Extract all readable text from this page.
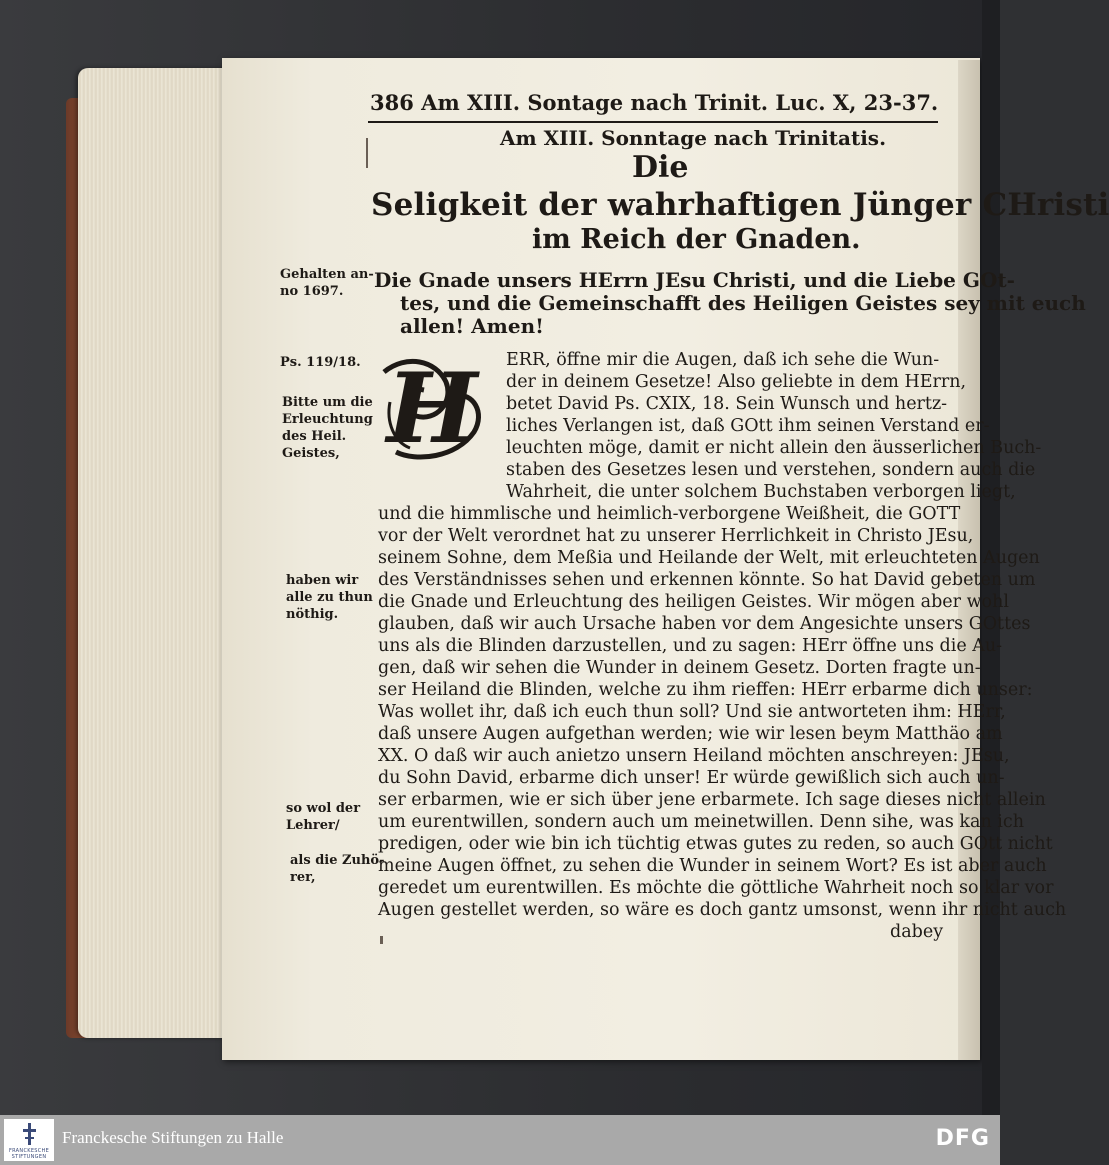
386 Am XIII. Sontage nach Trinit. Luc. X, 23-37.
Am XIII. Sonntage nach Trinitatis.
Die
Seligkeit der wahrhaftigen Jünger CHristi
im Reich der Gnaden.
Die Gnade unsers HErrn JEsu Christi, und die Liebe GOt-
tes, und die Gemeinschafft des Heiligen Geistes sey mit euch
allen! Amen!
H ERR, öffne mir die Augen, daß ich sehe die Wun-
der in deinem Gesetze! Also geliebte in dem HErrn,
betet David Ps. CXIX, 18. Sein Wunsch und hertz-
liches Verlangen ist, daß GOtt ihm seinen Verstand er-
leuchten möge, damit er nicht allein den äusserlichen Buch-
staben des Gesetzes lesen und verstehen, sondern auch die
Wahrheit, die unter solchem Buchstaben verborgen liegt,
und die himmlische und heimlich-verborgene Weißheit, die GOTT
vor der Welt verordnet hat zu unserer Herrlichkeit in Christo JEsu,
seinem Sohne, dem Meßia und Heilande der Welt, mit erleuchteten Augen
des Verständnisses sehen und erkennen könnte. So hat David gebeten um
die Gnade und Erleuchtung des heiligen Geistes. Wir mögen aber wohl
glauben, daß wir auch Ursache haben vor dem Angesichte unsers GOttes
uns als die Blinden darzustellen, und zu sagen: HErr öffne uns die Au-
gen, daß wir sehen die Wunder in deinem Gesetz. Dorten fragte un-
ser Heiland die Blinden, welche zu ihm rieffen: HErr erbarme dich unser:
Was wollet ihr, daß ich euch thun soll? Und sie antworteten ihm: HErr,
daß unsere Augen aufgethan werden; wie wir lesen beym Matthäo am
XX. O daß wir auch anietzo unsern Heiland möchten anschreyen: JEsu,
du Sohn David, erbarme dich unser! Er würde gewißlich sich auch un-
ser erbarmen, wie er sich über jene erbarmete. Ich sage dieses nicht allein
um eurentwillen, sondern auch um meinetwillen. Denn sihe, was kan ich
predigen, oder wie bin ich tüchtig etwas gutes zu reden, so auch GOtt nicht
meine Augen öffnet, zu sehen die Wunder in seinem Wort? Es ist aber auch
geredet um eurentwillen. Es möchte die göttliche Wahrheit noch so klar vor
Augen gestellet werden, so wäre es doch gantz umsonst, wenn ihr nicht auch
dabey
Gehalten an-
no 1697.
Ps. 119/18.
Bitte um die
Erleuchtung
des Heil.
Geistes,
haben wir
alle zu thun
nöthig.
so wol der
Lehrer/
als die Zuhö-
rer,
FRANCKESCHE
STIFTUNGEN
Franckesche Stiftungen zu Halle	DFG
